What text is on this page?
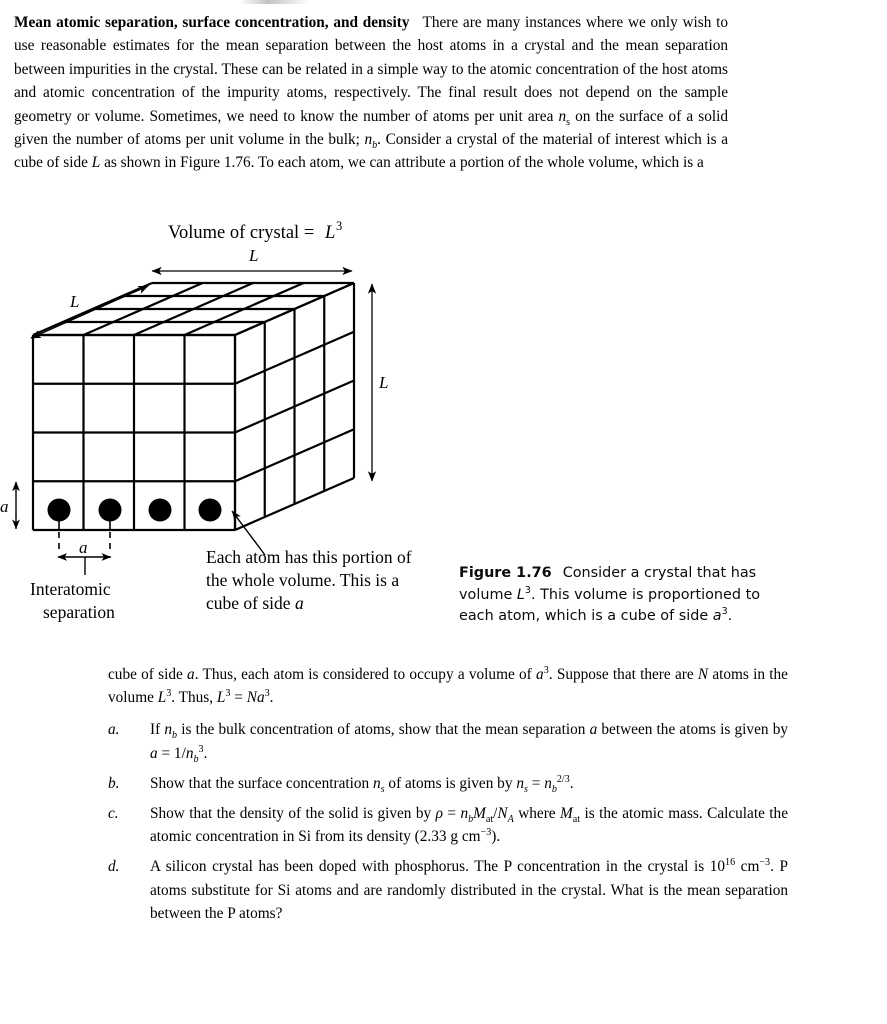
Mean atomic separation, surface concentration, and density There are many instances where we only wish to use reasonable estimates for the mean separation between the host atoms in a crystal and the mean separation between impurities in the crystal. These can be related in a simple way to the atomic concentration of the host atoms and atomic concentration of the impurity atoms, respectively. The final result does not depend on the sample geometry or volume. Sometimes, we need to know the number of atoms per unit area $n_s$ on the surface of a solid given the number of atoms per unit volume in the bulk; $n_b$. Consider a crystal of the material of interest which is a cube of side L as shown in Figure 1.76. To each atom, we can attribute a portion of the whole volume, which is a
Volume of crystal = L 3
L
L
L
a
a
Interatomic
separation
Each atom has this portion of
the whole volume. This is a
cube of side a
Figure 1.76 Consider a crystal that has volume $L^3$. This volume is proportioned to each atom, which is a cube of side $a^3$.
cube of side a. Thus, each atom is considered to occupy a volume of $a^3$. Suppose that there are N atoms in the volume $L^3$. Thus, $L^3 = Na^3$.
a.	If $n_b$ is the bulk concentration of atoms, show that the mean separation a between the atoms is given by $a = 1/n_b^3$.
b.	Show that the surface concentration $n_s$ of atoms is given by $n_s = n_b^{2/3}$.
c.	Show that the density of the solid is given by $\rho = n_bM_{at}/N_A$ where $M_{at}$ is the atomic mass. Calculate the atomic concentration in Si from its density (2.33 g $cm^{-3}$).
d.	A silicon crystal has been doped with phosphorus. The P concentration in the crystal is $10^{16}$ $cm^{-3}$. P atoms substitute for Si atoms and are randomly distributed in the crystal. What is the mean separation between the P atoms?
